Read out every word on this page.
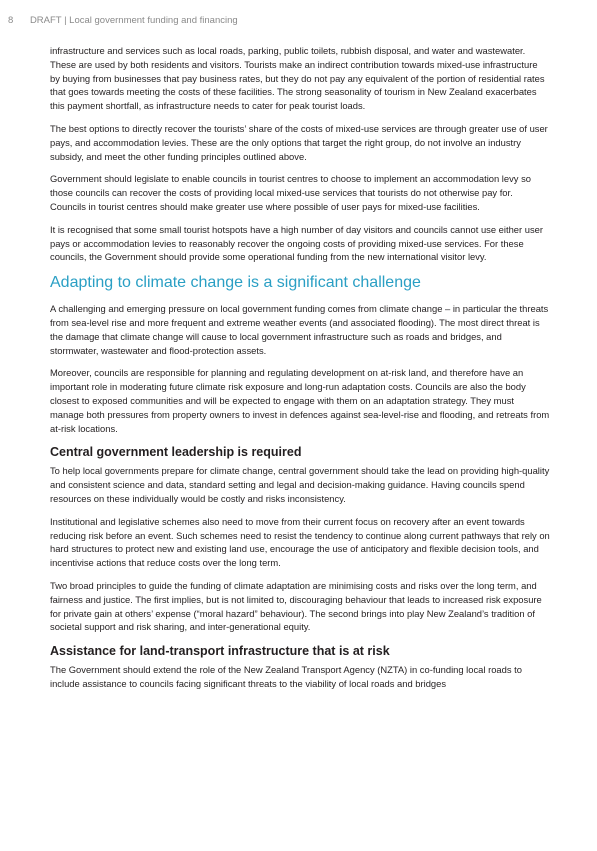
8 DRAFT | Local government funding and financing

infrastructure and services such as local roads, parking, public toilets, rubbish disposal, and water and wastewater. These are used by both residents and visitors. Tourists make an indirect contribution towards mixed-use infrastructure by buying from businesses that pay business rates, but they do not pay any equivalent of the portion of residential rates that goes towards meeting the costs of these facilities. The strong seasonality of tourism in New Zealand exacerbates this payment shortfall, as infrastructure needs to cater for peak tourist loads.

The best options to directly recover the tourists’ share of the costs of mixed-use services are through greater use of user pays, and accommodation levies. These are the only options that target the right group, do not involve an industry subsidy, and meet the other funding principles outlined above.

Government should legislate to enable councils in tourist centres to choose to implement an accommodation levy so those councils can recover the costs of providing local mixed-use services that tourists do not otherwise pay for. Councils in tourist centres should make greater use where possible of user pays for mixed-use facilities.

It is recognised that some small tourist hotspots have a high number of day visitors and councils cannot use either user pays or accommodation levies to reasonably recover the ongoing costs of providing mixed-use services. For these councils, the Government should provide some operational funding from the new international visitor levy.

Adapting to climate change is a significant challenge

A challenging and emerging pressure on local government funding comes from climate change – in particular the threats from sea-level rise and more frequent and extreme weather events (and associated flooding). The most direct threat is the damage that climate change will cause to local government infrastructure such as roads and bridges, and stormwater, wastewater and flood-protection assets.

Moreover, councils are responsible for planning and regulating development on at-risk land, and therefore have an important role in moderating future climate risk exposure and long-run adaptation costs. Councils are also the body closest to exposed communities and will be expected to engage with them on an adaptation strategy. They must manage both pressures from property owners to invest in defences against sea-level-rise and flooding, and retreats from at-risk locations.

Central government leadership is required

To help local governments prepare for climate change, central government should take the lead on providing high-quality and consistent science and data, standard setting and legal and decision-making guidance. Having councils spend resources on these individually would be costly and risks inconsistency.

Institutional and legislative schemes also need to move from their current focus on recovery after an event towards reducing risk before an event. Such schemes need to resist the tendency to continue along current pathways that rely on hard structures to protect new and existing land use, encourage the use of anticipatory and flexible decision tools, and incentivise actions that reduce costs over the long term.

Two broad principles to guide the funding of climate adaptation are minimising costs and risks over the long term, and fairness and justice. The first implies, but is not limited to, discouraging behaviour that leads to increased risk exposure for private gain at others’ expense (“moral hazard” behaviour). The second brings into play New Zealand’s tradition of societal support and risk sharing, and inter-generational equity.

Assistance for land-transport infrastructure that is at risk

The Government should extend the role of the New Zealand Transport Agency (NZTA) in co-funding local roads to include assistance to councils facing significant threats to the viability of local roads and bridges
